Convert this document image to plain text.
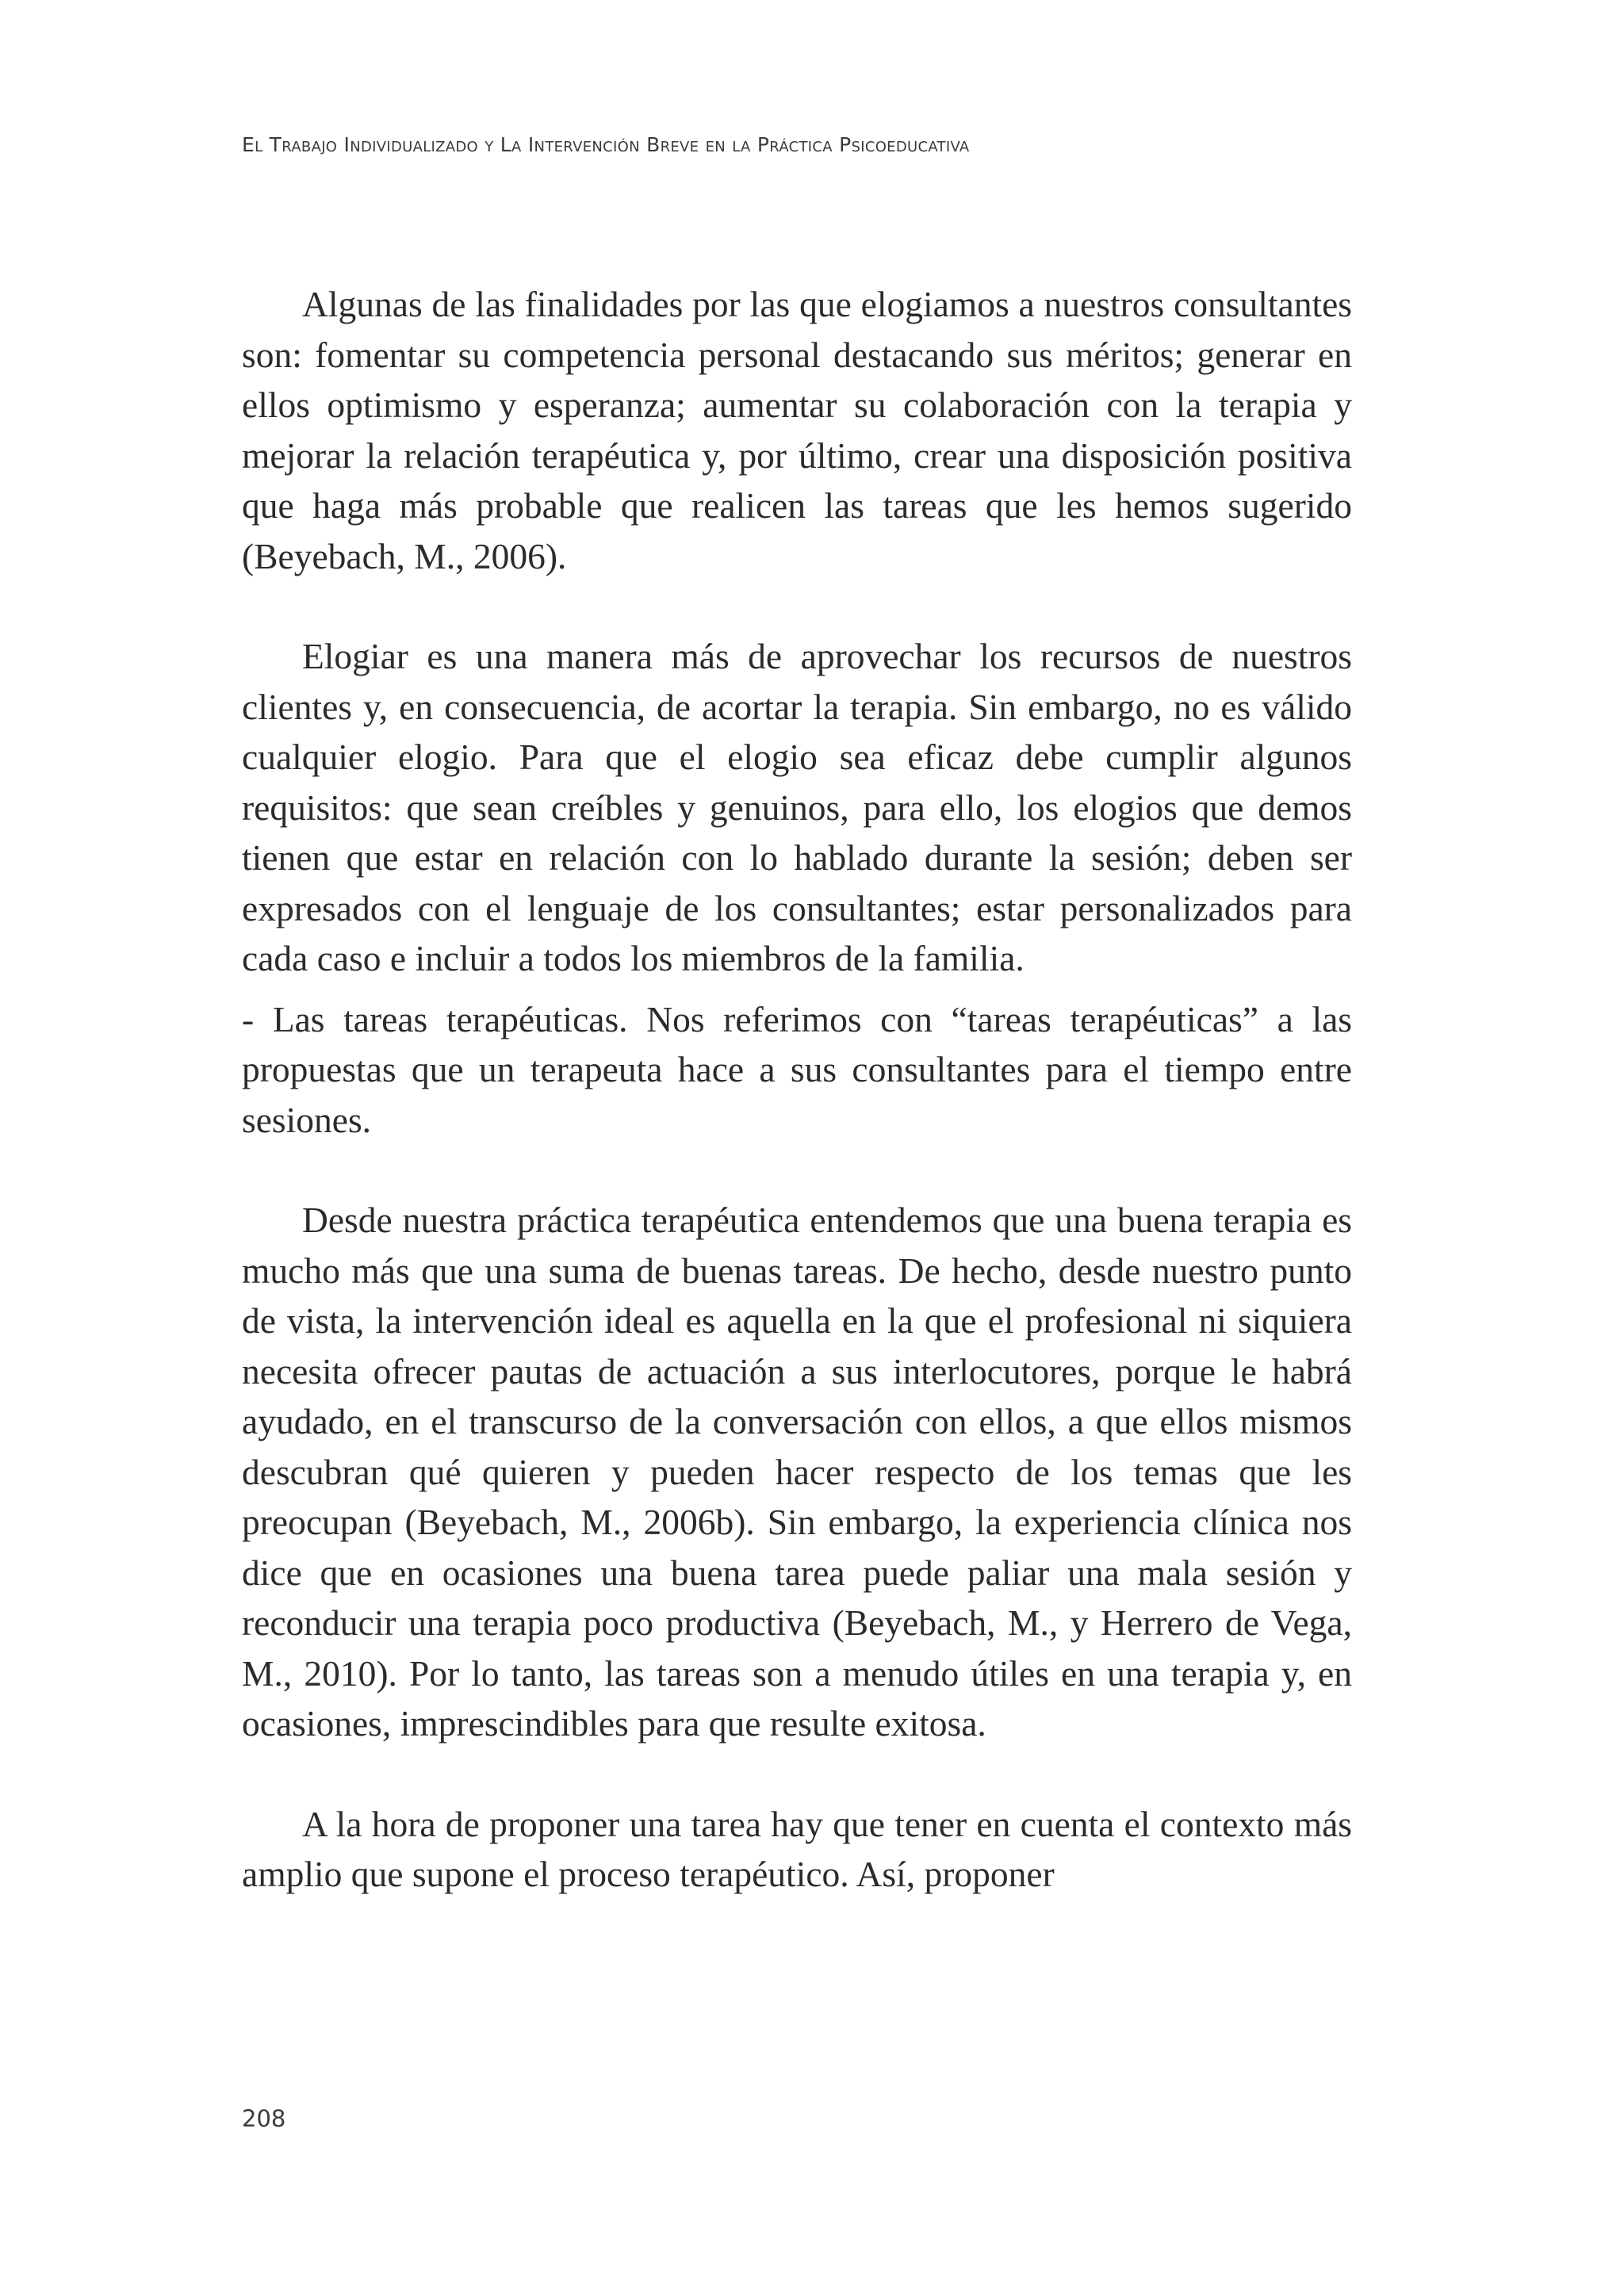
El Trabajo Individualizado y La Intervención Breve en la Práctica Psicoeducativa

Algunas de las finalidades por las que elogiamos a nuestros consultantes son: fomentar su competencia personal destacando sus méritos; generar en ellos optimismo y esperanza; aumentar su colaboración con la terapia y mejorar la relación terapéutica y, por último, crear una disposición positiva que haga más probable que realicen las tareas que les hemos sugerido (Beyebach, M., 2006).

Elogiar es una manera más de aprovechar los recursos de nuestros clientes y, en consecuencia, de acortar la terapia. Sin embargo, no es válido cualquier elogio. Para que el elogio sea eficaz debe cumplir algunos requisitos: que sean creíbles y genuinos, para ello, los elogios que demos tienen que estar en relación con lo hablado durante la sesión; deben ser expresados con el lenguaje de los consultantes; estar personalizados para cada caso e incluir a todos los miembros de la familia.

- Las tareas terapéuticas. Nos referimos con “tareas terapéuticas” a las propuestas que un terapeuta hace a sus consultantes para el tiempo entre sesiones.

Desde nuestra práctica terapéutica entendemos que una buena terapia es mucho más que una suma de buenas tareas. De hecho, desde nuestro punto de vista, la intervención ideal es aquella en la que el profesional ni siquiera necesita ofrecer pautas de actuación a sus interlocutores, porque le habrá ayudado, en el transcurso de la conversación con ellos, a que ellos mismos descubran qué quieren y pueden hacer respecto de los temas que les preocupan (Beyebach, M., 2006b). Sin embargo, la experiencia clínica nos dice que en ocasiones una buena tarea puede paliar una mala sesión y reconducir una terapia poco productiva (Beyebach, M., y Herrero de Vega, M., 2010). Por lo tanto, las tareas son a menudo útiles en una terapia y, en ocasiones, imprescindibles para que resulte exitosa.

A la hora de proponer una tarea hay que tener en cuenta el contexto más amplio que supone el proceso terapéutico. Así, proponer

208
